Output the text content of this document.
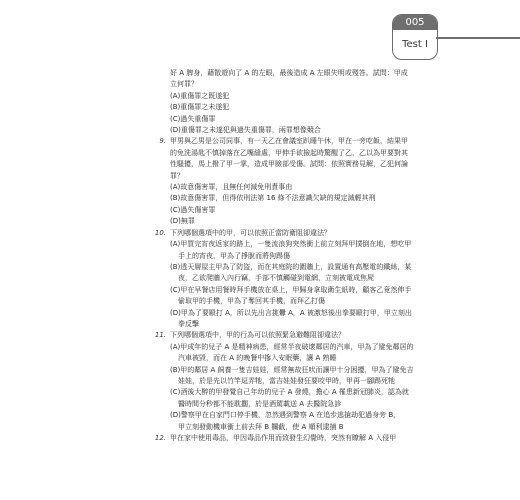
005
Test I
好 A 脾身，藉散遊向了 A 的左眼，最後造成 A 左眼失明或殘答。試問：甲成
立何罪？
(A)重傷罪之既遂犯
(B)重傷罪之未遂犯
(C)過失重傷罪
(D)重傷罪之未遂犯與過失重傷罪，兩罪想像競合
9. 甲男與乙男是公司同事，有一天乙在會議室趴睡午休，甲在一旁吃飯，結果甲
的免洗湯匙不慎掉落在乙嘴縫處，甲伸手欲撿起時驚醒了乙，乙以為甲要對其
性騷擾，馬上撥了甲一掌，造成甲臉部受傷。試問：依照實務見解，乙犯何論
罪？
(A)故意傷害罪，且無任何減免刑責事由
(B)故意傷害罪，但得依刑法第 16 條不法意識欠缺的規定減輕其刑
(C)過失傷害罪
(D)無罪
10. 下列哪個選項中的甲，可以依照正當防衛阻卻違法？
(A)甲買完宵夜返家的路上，一隻流浪狗突然衝上前立刻拜甲撲倒在地，想吃甲
手上的宵夜，甲為了掙脫而將狗踢傷
(B)透天層屋主甲為了防盜，而在其庭院的圍牆上，設置通有高壓電的鐵絲，某
夜，乙欲爬牆入內行竊，手部不慎觸碰到電網，立刻被電成焦屍
(C)甲在早餐店用餐時拜手機放在桌上，甲歸身拿取衛生紙時，顧客乙竟然伸手
偷取甲的手機，甲為了奪回其手機，而拜乙打傷
(D)甲為了要毆打 A，所以先出言挑釁 A，A 被激怒後出拳要毆打甲，甲立刻出
拳反擊
11. 下列哪個選項中，甲的行為可以依照緊急避難阻卻違法？
(A)甲成年的兒子 A 是精神病患，經常半夜破壞鄰居的汽車，甲為了避免鄰居的
汽車被毀，而在 A 的晚餐中摻入安眠藥，讓 A 熟睡
(B)甲的鄰居 A 飼養一隻吉娃娃，經常無故狂吠而讓甲十分困擾，甲為了避免吉
娃娃，於是先以竹竿逗弄牠，當吉娃娃發狂要咬甲時，甲再一腳踢死牠
(C)酒後大醉的甲發覺自己年幼的兒子 A 發燒，擔心 A 罹患新冠肺炎，認為就
醫時間分秒都不能耽擱，於是酒駕載送 A 去醫院急診
(D)警察甲在自家門口停手機，忽然遇到警察 A 在追步逃搶劫犯過身旁 B，
甲立刻發動機車衝上前去拜 B 攔截，使 A 順利逮捕 B
12. 甲在家中使用毒品，甲因毒品作用而致發生幻覺時，突然有瞭解 A 入侵甲
